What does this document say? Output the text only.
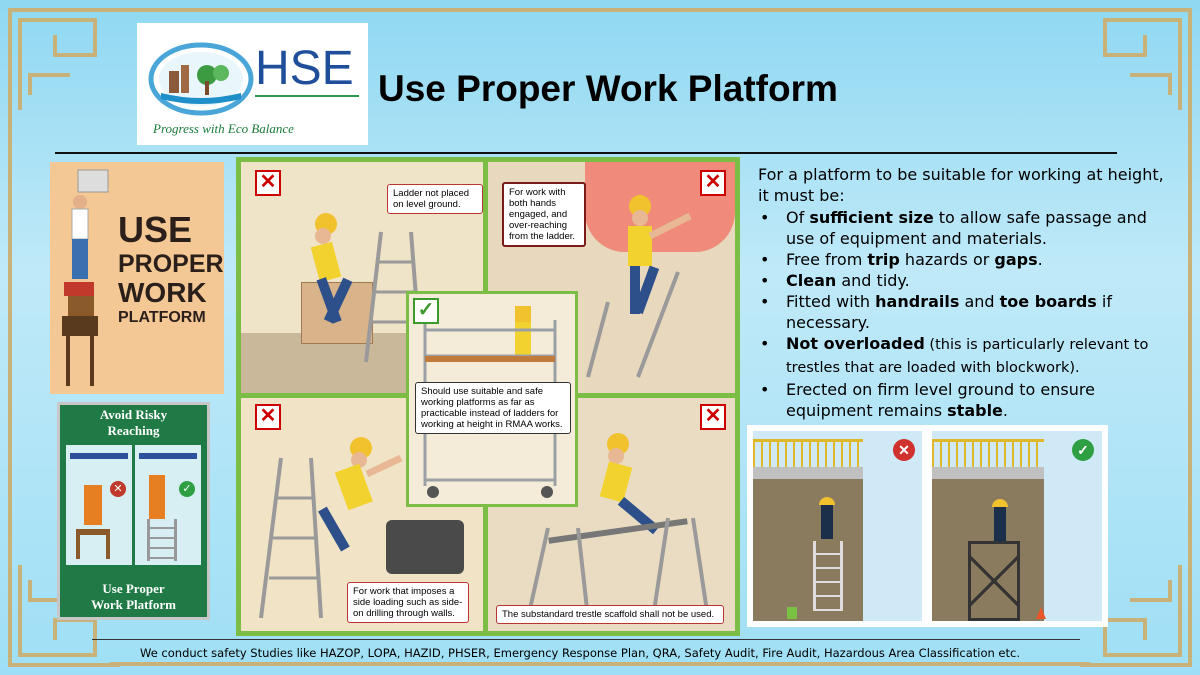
HSE
Progress with Eco Balance
Use Proper Work Platform
USE
PROPER
WORK
PLATFORM
Avoid Risky
Reaching
✕	✓
Use Proper
Work Platform
✕
Ladder not placed on level ground.
For work with both hands engaged, and over-reaching from the ladder.
✕
✕
For work that imposes a side loading such as side-on drilling through walls.
✕
The substandard trestle scaffold shall not be used.
✓
Should use suitable and safe working platforms as far as practicable instead of ladders for working at height in RMAA works.

For a platform to be suitable for working at height, it must be:

• Of sufficient size to allow safe passage and use of equipment and materials.
• Free from trip hazards or gaps.
• Clean and tidy.
• Fitted with handrails and toe boards if necessary.
• Not overloaded (this is particularly relevant to trestles that are loaded with blockwork).
• Erected on firm level ground to ensure equipment remains stable.
✕	✓
We conduct safety Studies like HAZOP, LOPA, HAZID, PHSER, Emergency Response Plan, QRA, Safety Audit, Fire Audit, Hazardous Area Classification etc.
